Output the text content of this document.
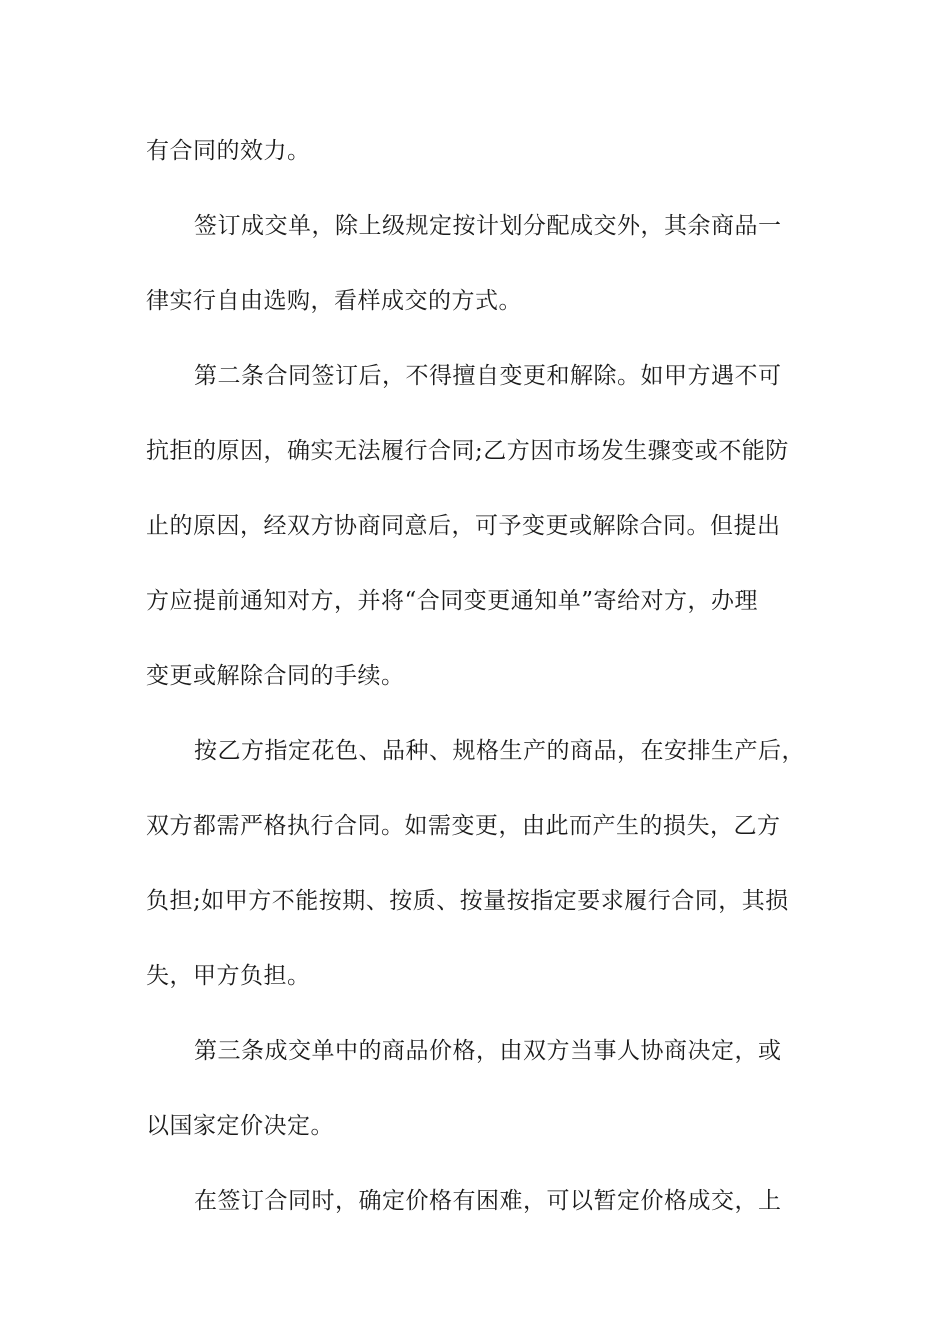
有合同的效力。
签订成交单，除上级规定按计划分配成交外，其余商品一
律实行自由选购，看样成交的方式。
第二条合同签订后，不得擅自变更和解除。如甲方遇不可
抗拒的原因，确实无法履行合同;乙方因市场发生骤变或不能防
止的原因，经双方协商同意后，可予变更或解除合同。但提出
方应提前通知对方，并将“合同变更通知单”寄给对方，办理
变更或解除合同的手续。
按乙方指定花色、品种、规格生产的商品，在安排生产后，
双方都需严格执行合同。如需变更，由此而产生的损失，乙方
负担;如甲方不能按期、按质、按量按指定要求履行合同，其损
失，甲方负担。
第三条成交单中的商品价格，由双方当事人协商决定，或
以国家定价决定。
在签订合同时，确定价格有困难，可以暂定价格成交，上
